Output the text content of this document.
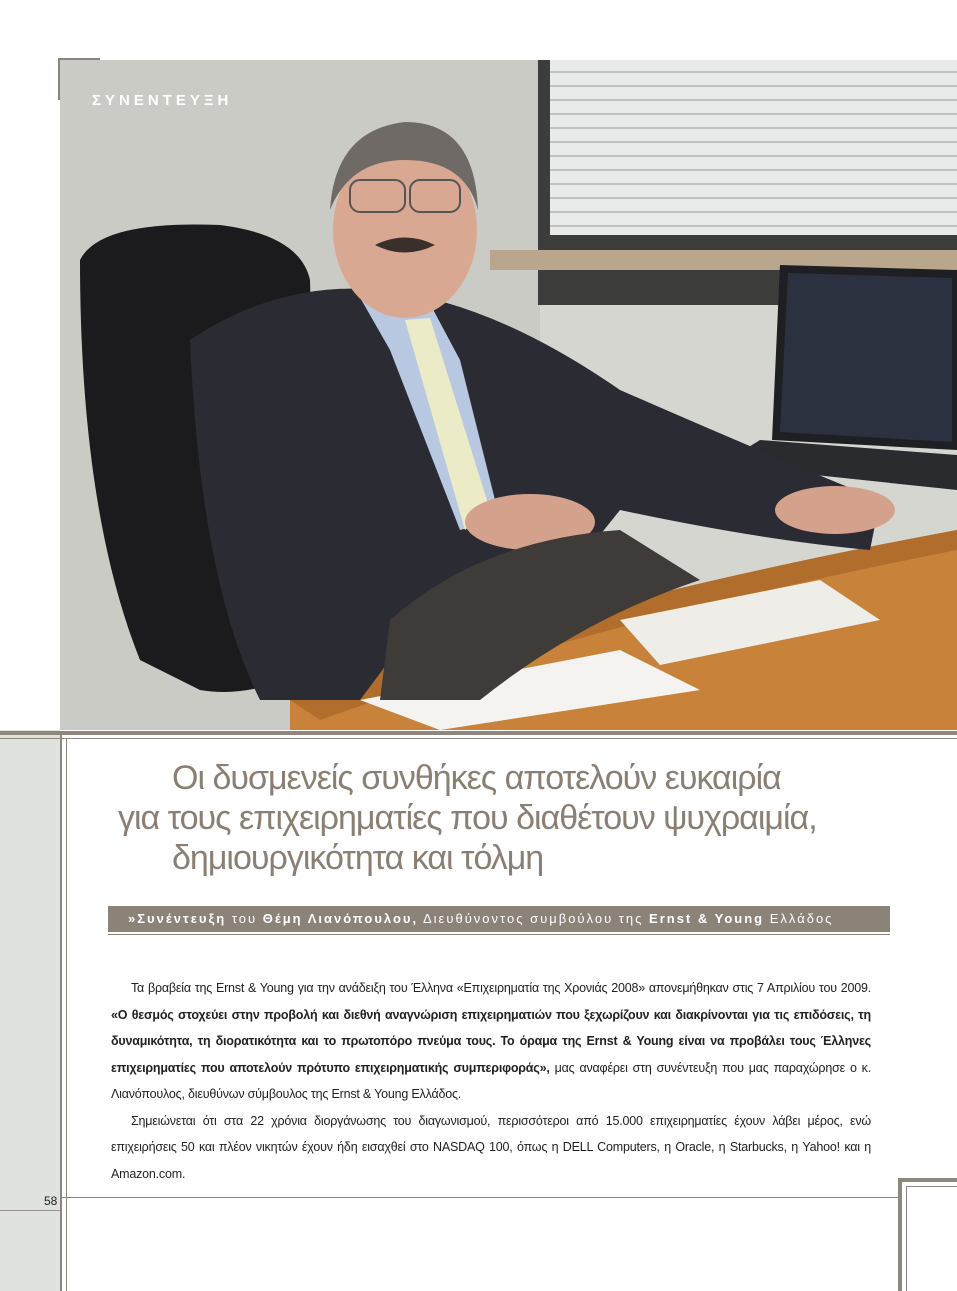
ΣΥΝΕΝΤΕΥΞΗ
Οι δυσμενείς συνθήκες αποτελούν ευκαιρία
για τους επιχειρηματίες που διαθέτουν ψυχραιμία,
δημιουργικότητα και τόλμη
»Συνέντευξη του Θέμη Λιανόπουλου, Διευθύνοντος συμβούλου της Ernst & Young Ελλάδος

Τα βραβεία της Ernst & Young για την ανάδειξη του Έλληνα «Επιχειρηματία της Χρονιάς 2008» απονεμήθηκαν στις 7 Απριλίου του 2009. «Ο θεσμός στοχεύει στην προβολή και διεθνή αναγνώριση επιχειρηματιών που ξεχωρίζουν και διακρίνονται για τις επιδόσεις, τη δυναμικότητα, τη διορατικότητα και το πρωτοπόρο πνεύμα τους. Το όραμα της Ernst & Young είναι να προβάλει τους Έλληνες επιχειρηματίες που αποτελούν πρότυπο επιχειρηματικής συμπεριφοράς», μας αναφέρει στη συνέντευξη που μας παραχώρησε ο κ. Λιανόπουλος, διευθύνων σύμβουλος της Ernst & Young Ελλάδος.

Σημειώνεται ότι στα 22 χρόνια διοργάνωσης του διαγωνισμού, περισσότεροι από 15.000 επιχειρηματίες έχουν λάβει μέρος, ενώ επιχειρήσεις 50 και πλέον νικητών έχουν ήδη εισαχθεί στο NASDAQ 100, όπως η DELL Computers, η Oracle, η Starbucks, η Yahoo! και η Amazon.com.

58
